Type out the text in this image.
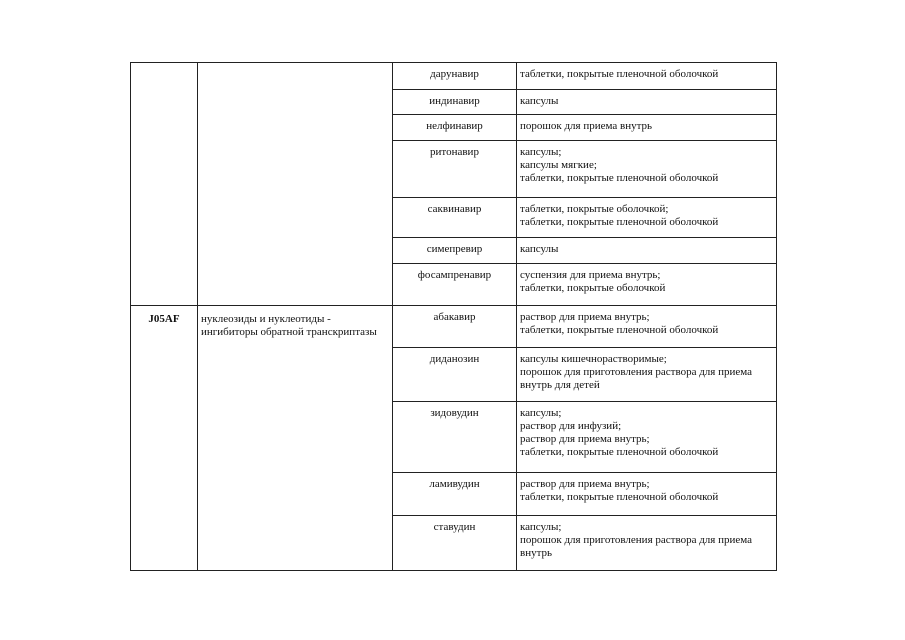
		дарунавир	таблетки, покрытые пленочной оболочкой
		индинавир	капсулы
		нелфинавир	порошок для приема внутрь
		ритонавир	капсулы;
капсулы мягкие;
таблетки, покрытые пленочной оболочкой
		саквинавир	таблетки, покрытые оболочкой;
таблетки, покрытые пленочной оболочкой
		симепревир	капсулы
		фосампренавир	суспензия для приема внутрь;
таблетки, покрытые оболочкой
J05AF	нуклеозиды и нуклеотиды - ингибиторы обратной транскриптазы	абакавир	раствор для приема внутрь;
таблетки, покрытые пленочной оболочкой
		диданозин	капсулы кишечнорастворимые;
порошок для приготовления раствора для приема внутрь для детей
		зидовудин	капсулы;
раствор для инфузий;
раствор для приема внутрь;
таблетки, покрытые пленочной оболочкой
		ламивудин	раствор для приема внутрь;
таблетки, покрытые пленочной оболочкой
		ставудин	капсулы;
порошок для приготовления раствора для приема внутрь
